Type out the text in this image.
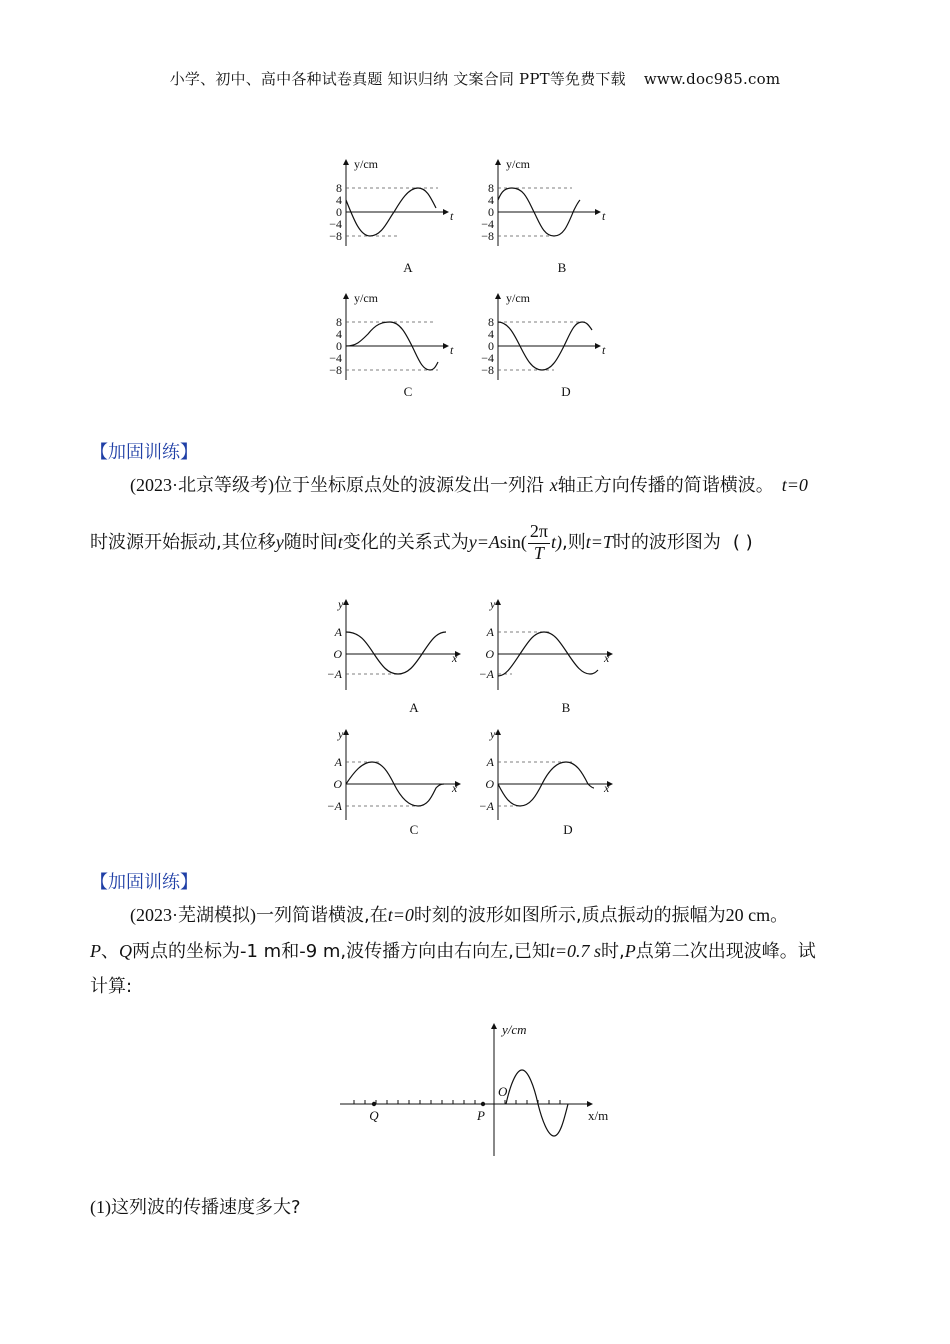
小学、初中、高中各种试卷真题 知识归纳 文案合同 PPT等免费下载 www.doc985.com
y/cm
t
8
4
0
−4
−8
A
y/cm
t
8
4
0
−4
−8
B
y/cm
t
8
4
0
−4
−8
C
y/cm
t
8
4
0
−4
−8
D
【加固训练】
(2023·北京等级考)位于坐标原点处的波源发出一列沿 x轴正方向传播的简谐横波。 t=0
时波源开始振动,其位移y随时间t变化的关系式为$y=Asin( \frac{2\pi}{T} t)$,则t=T时的波形图为 ( )
y
x
A
O
−A
A
y
x
A
O
−A
B
y
x
A
O
−A
C
y
x
A
O
−A
D
【加固训练】
(2023·芜湖模拟)一列简谐横波,在t=0时刻的波形如图所示,质点振动的振幅为20 cm。
P、Q两点的坐标为-1 m和-9 m,波传播方向由右向左,已知t=0.7 s时,P点第二次出现波峰。试
计算:
y/cm
x/m
O
Q	P
(1)这列波的传播速度多大?
